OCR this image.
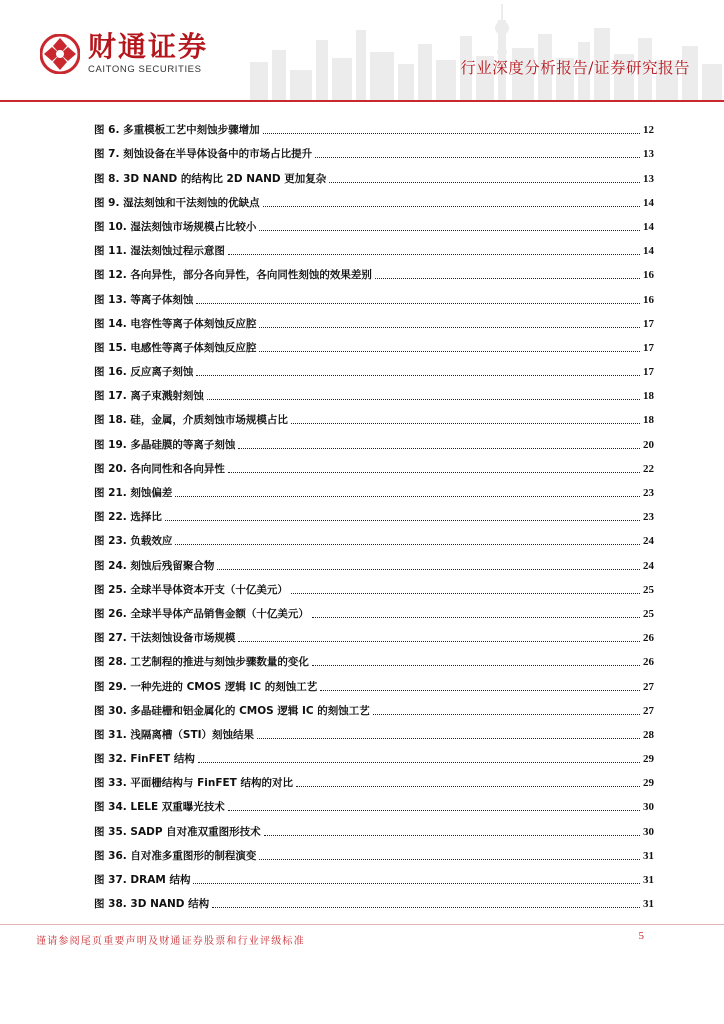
财通证券
CAITONG SECURITIES	行业深度分析报告/证券研究报告
图 6. 多重模板工艺中刻蚀步骤增加	12
图 7. 刻蚀设备在半导体设备中的市场占比提升	13
图 8. 3D NAND 的结构比 2D NAND 更加复杂	13
图 9. 湿法刻蚀和干法刻蚀的优缺点	14
图 10. 湿法刻蚀市场规模占比较小	14
图 11. 湿法刻蚀过程示意图	14
图 12. 各向异性，部分各向异性，各向同性刻蚀的效果差别	16
图 13. 等离子体刻蚀	16
图 14. 电容性等离子体刻蚀反应腔	17
图 15. 电感性等离子体刻蚀反应腔	17
图 16. 反应离子刻蚀	17
图 17. 离子束溅射刻蚀	18
图 18. 硅，金属，介质刻蚀市场规模占比	18
图 19. 多晶硅膜的等离子刻蚀	20
图 20. 各向同性和各向异性	22
图 21. 刻蚀偏差	23
图 22. 选择比	23
图 23. 负载效应	24
图 24. 刻蚀后残留聚合物	24
图 25. 全球半导体资本开支（十亿美元）	25
图 26. 全球半导体产品销售金额（十亿美元）	25
图 27. 干法刻蚀设备市场规模	26
图 28. 工艺制程的推进与刻蚀步骤数量的变化	26
图 29. 一种先进的 CMOS 逻辑 IC 的刻蚀工艺	27
图 30. 多晶硅栅和铝金属化的 CMOS 逻辑 IC 的刻蚀工艺	27
图 31. 浅隔离槽（STI）刻蚀结果	28
图 32. FinFET 结构	29
图 33. 平面栅结构与 FinFET 结构的对比	29
图 34. LELE 双重曝光技术	30
图 35. SADP 自对准双重图形技术	30
图 36. 自对准多重图形的制程演变	31
图 37. DRAM 结构	31
图 38. 3D NAND 结构	31
谨请参阅尾页重要声明及财通证券股票和行业评级标准	5
